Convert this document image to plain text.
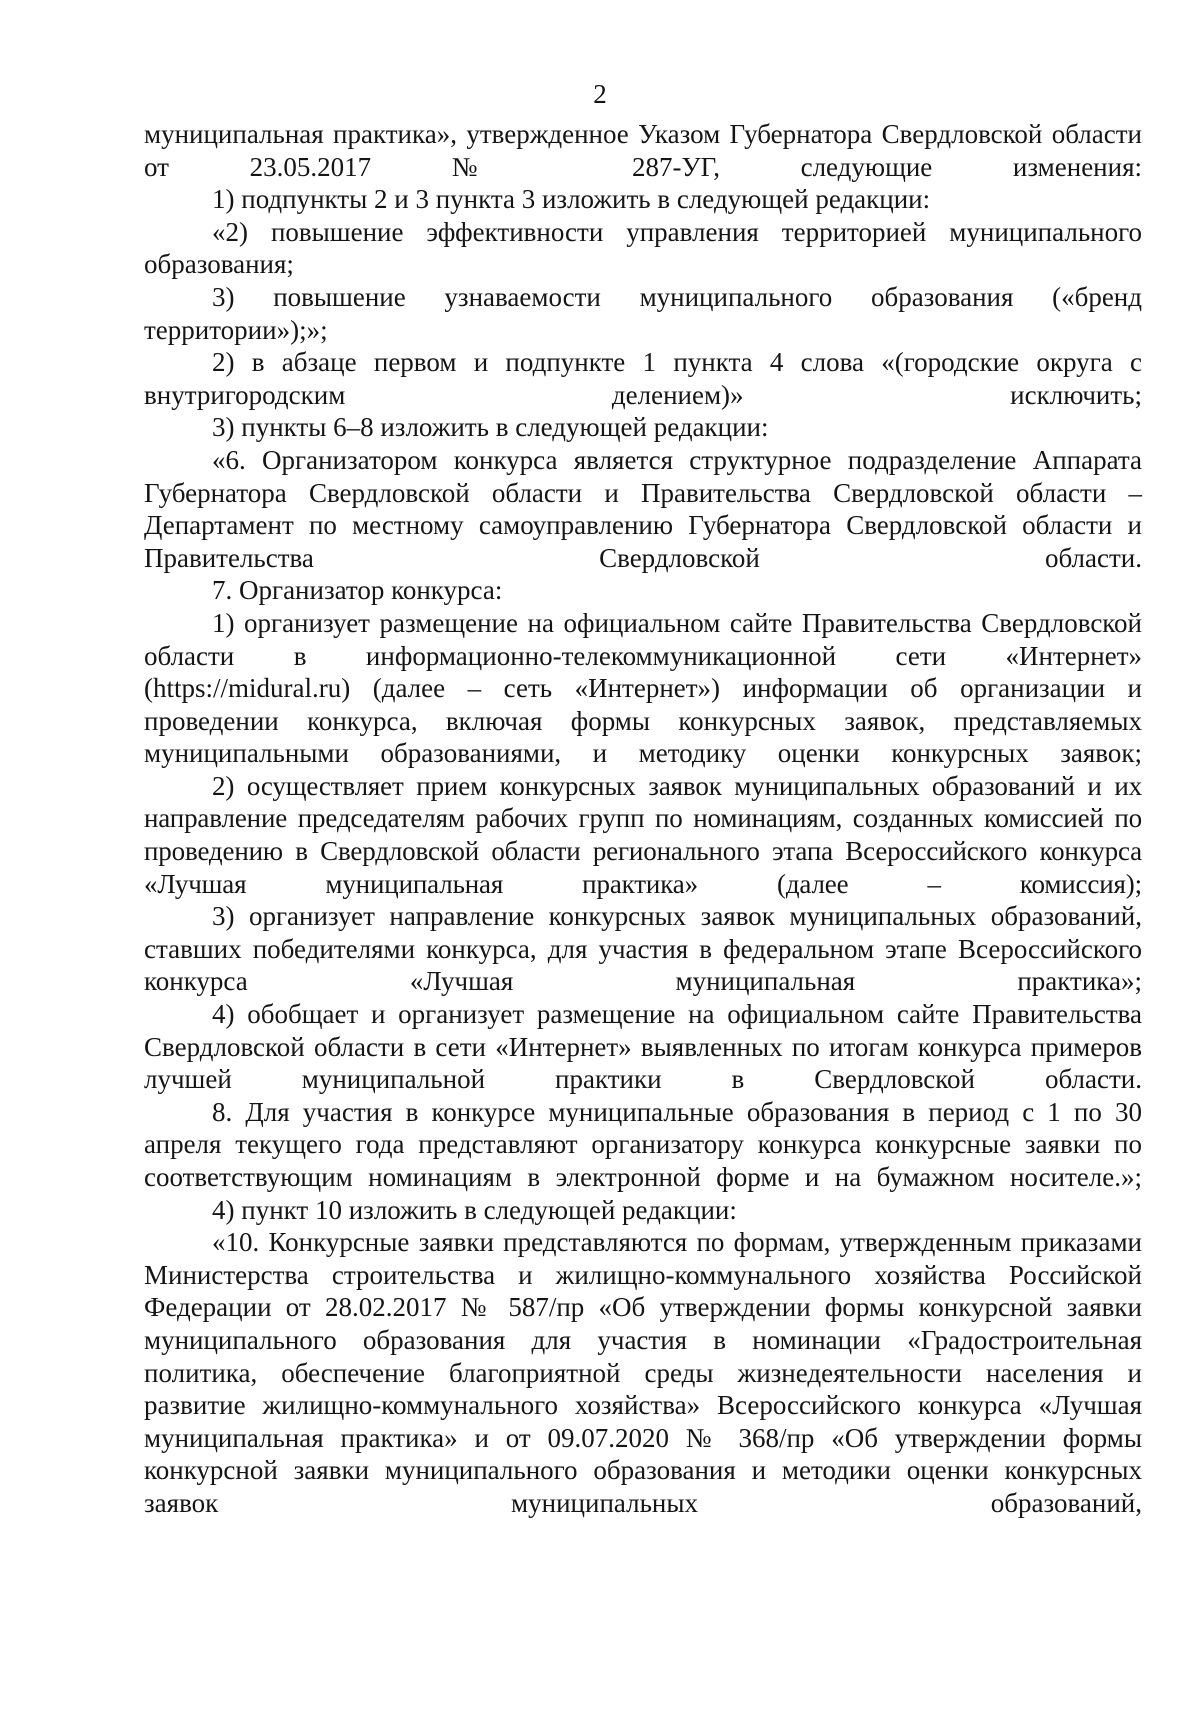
2

муниципальная практика», утвержденное Указом Губернатора Свердловской области от 23.05.2017 № 287-УГ, следующие изменения:

1) подпункты 2 и 3 пункта 3 изложить в следующей редакции:

«2) повышение эффективности управления территорией муниципального образования;

3) повышение узнаваемости муниципального образования («бренд территории»);»;

2) в абзаце первом и подпункте 1 пункта 4 слова «(городские округа с внутригородским делением)» исключить;

3) пункты 6–8 изложить в следующей редакции:

«6. Организатором конкурса является структурное подразделение Аппарата Губернатора Свердловской области и Правительства Свердловской области – Департамент по местному самоуправлению Губернатора Свердловской области и Правительства Свердловской области.

7. Организатор конкурса:

1) организует размещение на официальном сайте Правительства Свердловской области в информационно-телекоммуникационной сети «Интернет» (https://midural.ru) (далее – сеть «Интернет») информации об организации и проведении конкурса, включая формы конкурсных заявок, представляемых муниципальными образованиями, и методику оценки конкурсных заявок;

2) осуществляет прием конкурсных заявок муниципальных образований и их направление председателям рабочих групп по номинациям, созданных комиссией по проведению в Свердловской области регионального этапа Всероссийского конкурса «Лучшая муниципальная практика» (далее – комиссия);

3) организует направление конкурсных заявок муниципальных образований, ставших победителями конкурса, для участия в федеральном этапе Всероссийского конкурса «Лучшая муниципальная практика»;

4) обобщает и организует размещение на официальном сайте Правительства Свердловской области в сети «Интернет» выявленных по итогам конкурса примеров лучшей муниципальной практики в Свердловской области.

8. Для участия в конкурсе муниципальные образования в период с 1 по 30 апреля текущего года представляют организатору конкурса конкурсные заявки по соответствующим номинациям в электронной форме и на бумажном носителе.»;

4) пункт 10 изложить в следующей редакции:

«10. Конкурсные заявки представляются по формам, утвержденным приказами Министерства строительства и жилищно-коммунального хозяйства Российской Федерации от 28.02.2017 № 587/пр «Об утверждении формы конкурсной заявки муниципального образования для участия в номинации «Градостроительная политика, обеспечение благоприятной среды жизнедеятельности населения и развитие жилищно-коммунального хозяйства» Всероссийского конкурса «Лучшая муниципальная практика» и от 09.07.2020 № 368/пр «Об утверждении формы конкурсной заявки муниципального образования и методики оценки конкурсных заявок муниципальных образований,
